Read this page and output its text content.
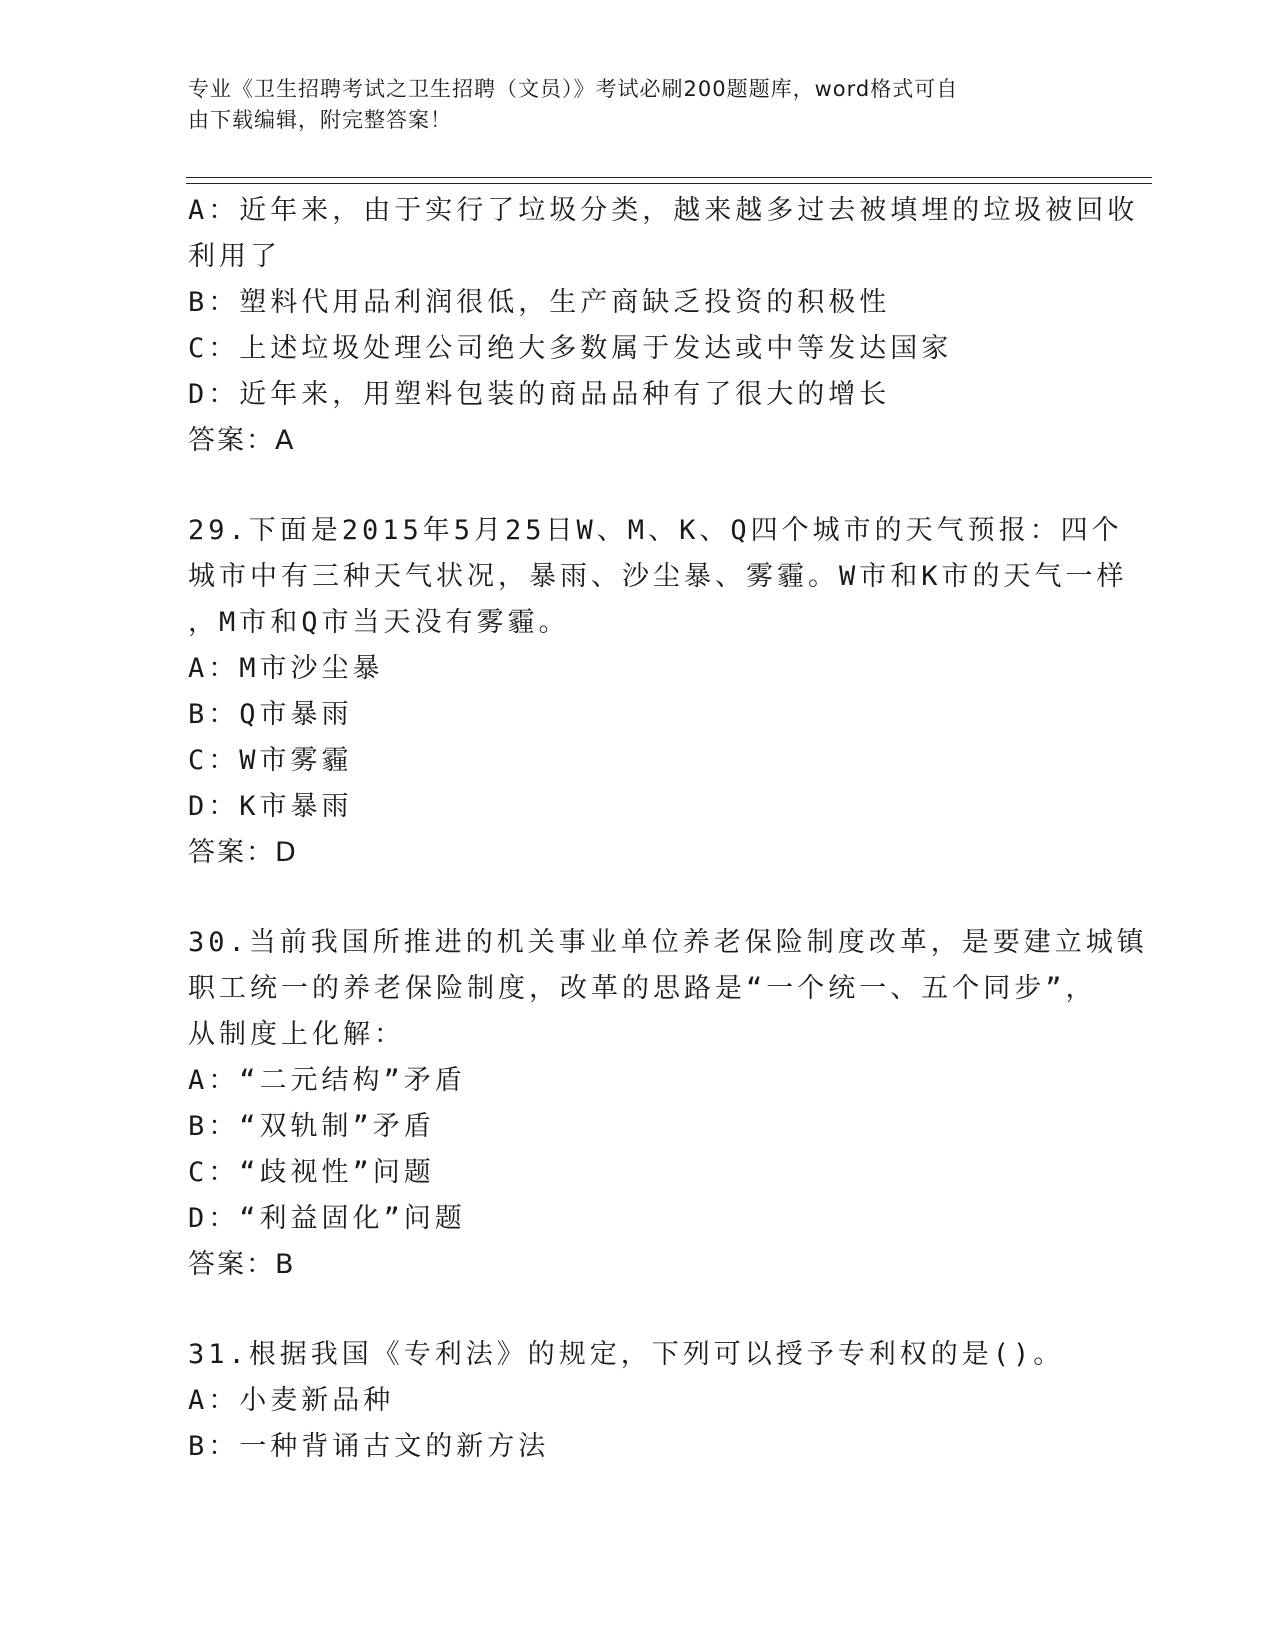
专业《卫生招聘考试之卫生招聘（文员）》考试必刷200题题库，word格式可自
由下载编辑，附完整答案！
A：近年来，由于实行了垃圾分类，越来越多过去被填埋的垃圾被回收
利用了
B：塑料代用品利润很低，生产商缺乏投资的积极性
C：上述垃圾处理公司绝大多数属于发达或中等发达国家
D：近年来，用塑料包装的商品品种有了很大的增长
答案：A
29.下面是2015年5月25日W、M、K、Q四个城市的天气预报：四个
城市中有三种天气状况，暴雨、沙尘暴、雾霾。W市和K市的天气一样
，M市和Q市当天没有雾霾。
A：M市沙尘暴
B：Q市暴雨
C：W市雾霾
D：K市暴雨
答案：D
30.当前我国所推进的机关事业单位养老保险制度改革，是要建立城镇
职工统一的养老保险制度，改革的思路是“一个统一、五个同步”，
从制度上化解：
A：“二元结构”矛盾
B：“双轨制”矛盾
C：“歧视性”问题
D：“利益固化”问题
答案：B
31.根据我国《专利法》的规定，下列可以授予专利权的是()。
A：小麦新品种
B：一种背诵古文的新方法
